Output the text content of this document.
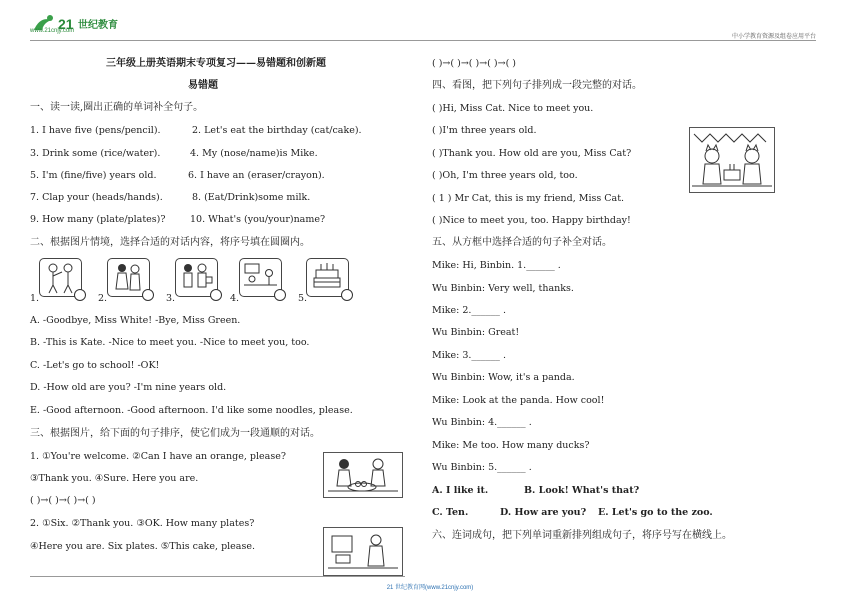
21 世纪教育
www.21cnjy.com
中小学教育资源及组卷应用平台
三年级上册英语期末专项复习——易错题和创新题
易错题
一、读一读,圈出正确的单词补全句子。
1. I have five (pens/pencil).	2. Let's eat the birthday (cat/cake).
3. Drink some (rice/water).	4. My (nose/name)is Mike.
5. I'm (fine/five) years old.	6. I have an (eraser/crayon).
7. Clap your (heads/hands).	8. (Eat/Drink)some milk.
9. How many (plate/plates)?	10. What's (you/your)name?
二、根据图片情境，选择合适的对话内容，将序号填在圆圈内。
1.	2.	3.	4.	5.
A. -Goodbye, Miss White! -Bye, Miss Green.
B. -This is Kate. -Nice to meet you. -Nice to meet you, too.
C. -Let's go to school! -OK!
D. -How old are you? -I'm nine years old.
E. -Good afternoon. -Good afternoon. I'd like some noodles, please.
三、根据图片，给下面的句子排序，使它们成为一段通顺的对话。
1. ①You're welcome. ②Can I have an orange, please?
③Thank you. ④Sure. Here you are.
( )→( )→( )→( )
2. ①Six. ②Thank you. ③OK. How many plates?
④Here you are. Six plates. ⑤This cake, please.
( )→( )→( )→( )→( )
四、看图，把下列句子排列成一段完整的对话。
( )Hi, Miss Cat. Nice to meet you.
( )I'm three years old.
( )Thank you. How old are you, Miss Cat?
( )Oh, I'm three years old, too.
( 1 ) Mr Cat, this is my friend, Miss Cat.
( )Nice to meet you, too. Happy birthday!
五、从方框中选择合适的句子补全对话。
Mike: Hi, Binbin. 1.______ .
Wu Binbin: Very well, thanks.
Mike: 2.______ .
Wu Binbin: Great!
Mike: 3.______ .
Wu Binbin: Wow, it's a panda.
Mike: Look at the panda. How cool!
Wu Binbin: 4.______ .
Mike: Me too. How many ducks?
Wu Binbin: 5.______ .
A. I like it.	B. Look! What's that?
C. Ten.	D. How are you? E. Let's go to the zoo.
六、连词成句，把下列单词重新排列组成句子，将序号写在横线上。
21 世纪教育网(www.21cnjy.com)
